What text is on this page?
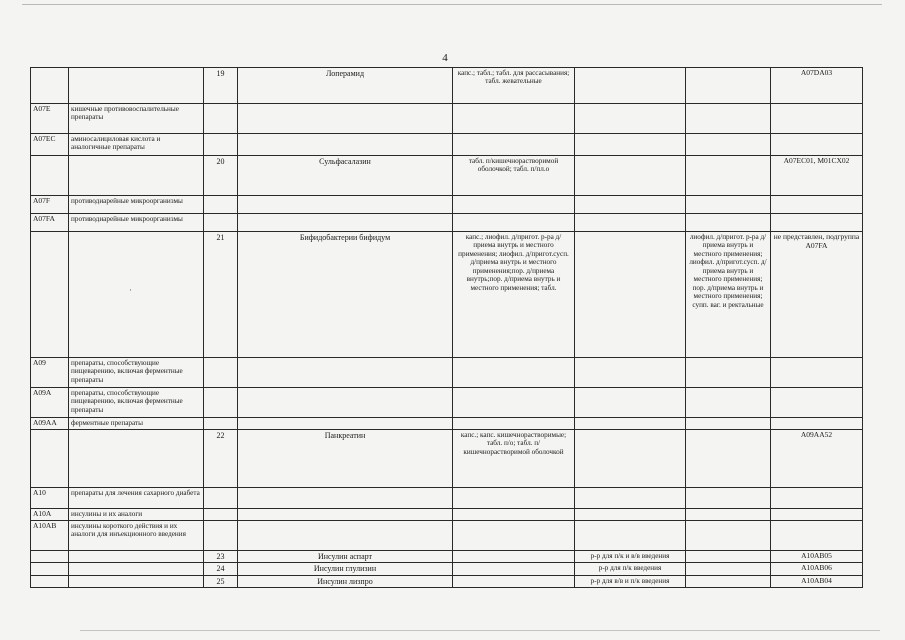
4
		19	Лоперамид	капс.; табл.; табл. для рассасывания; табл. жевательные			A07DA03
A07E	кишечные противовоспалительные препараты						
A07EC	аминосалициловая кислота и аналогичные препараты						
		20	Сульфасалазин	табл. п/кишечнорастворимой оболочкой; табл. п/пл.о			A07EC01, M01CX02
A07F	противодиарейные микроорганизмы						
A07FA	противодиарейные микроорганизмы						
	·	21	Бифидобактерии бифидум	капс.; лиофил. д/пригот. р-ра д/приема внутрь и местного применения; лиофил. д/пригот.сусп. д/приема внутрь и местного применения;пор. д/приема внутрь;пор. д/приема внутрь и местного применения; табл.		лиофил. д/пригот. р-ра д/приема внутрь и местного применения; лиофил. д/пригот.сусп. д/приема внутрь и местного применения; пор. д/приема внутрь и местного применения; супп. ваг. и ректальные	не представлен, подгруппа A07FA
A09	препараты, способствующие пищеварению, включая ферментные препараты						
A09A	препараты, способствующие пищеварению, включая ферментные препараты						
A09AA	ферментные препараты						
		22	Панкреатин	капс.; капс. кишечнорастворимые; табл. п/о; табл. п/кишечнорастворимой оболочкой			A09AA52
A10	препараты для лечения сахарного диабета						
A10A	инсулины и их аналоги						
A10AB	инсулины короткого действия и их аналоги для инъекционного введения						
		23	Инсулин аспарт		р-р для п/к и в/в введения		A10AB05
		24	Инсулин глулизин		р-р для п/к введения		A10AB06
		25	Инсулин лизпро		р-р для в/в и п/к введения		A10AB04
